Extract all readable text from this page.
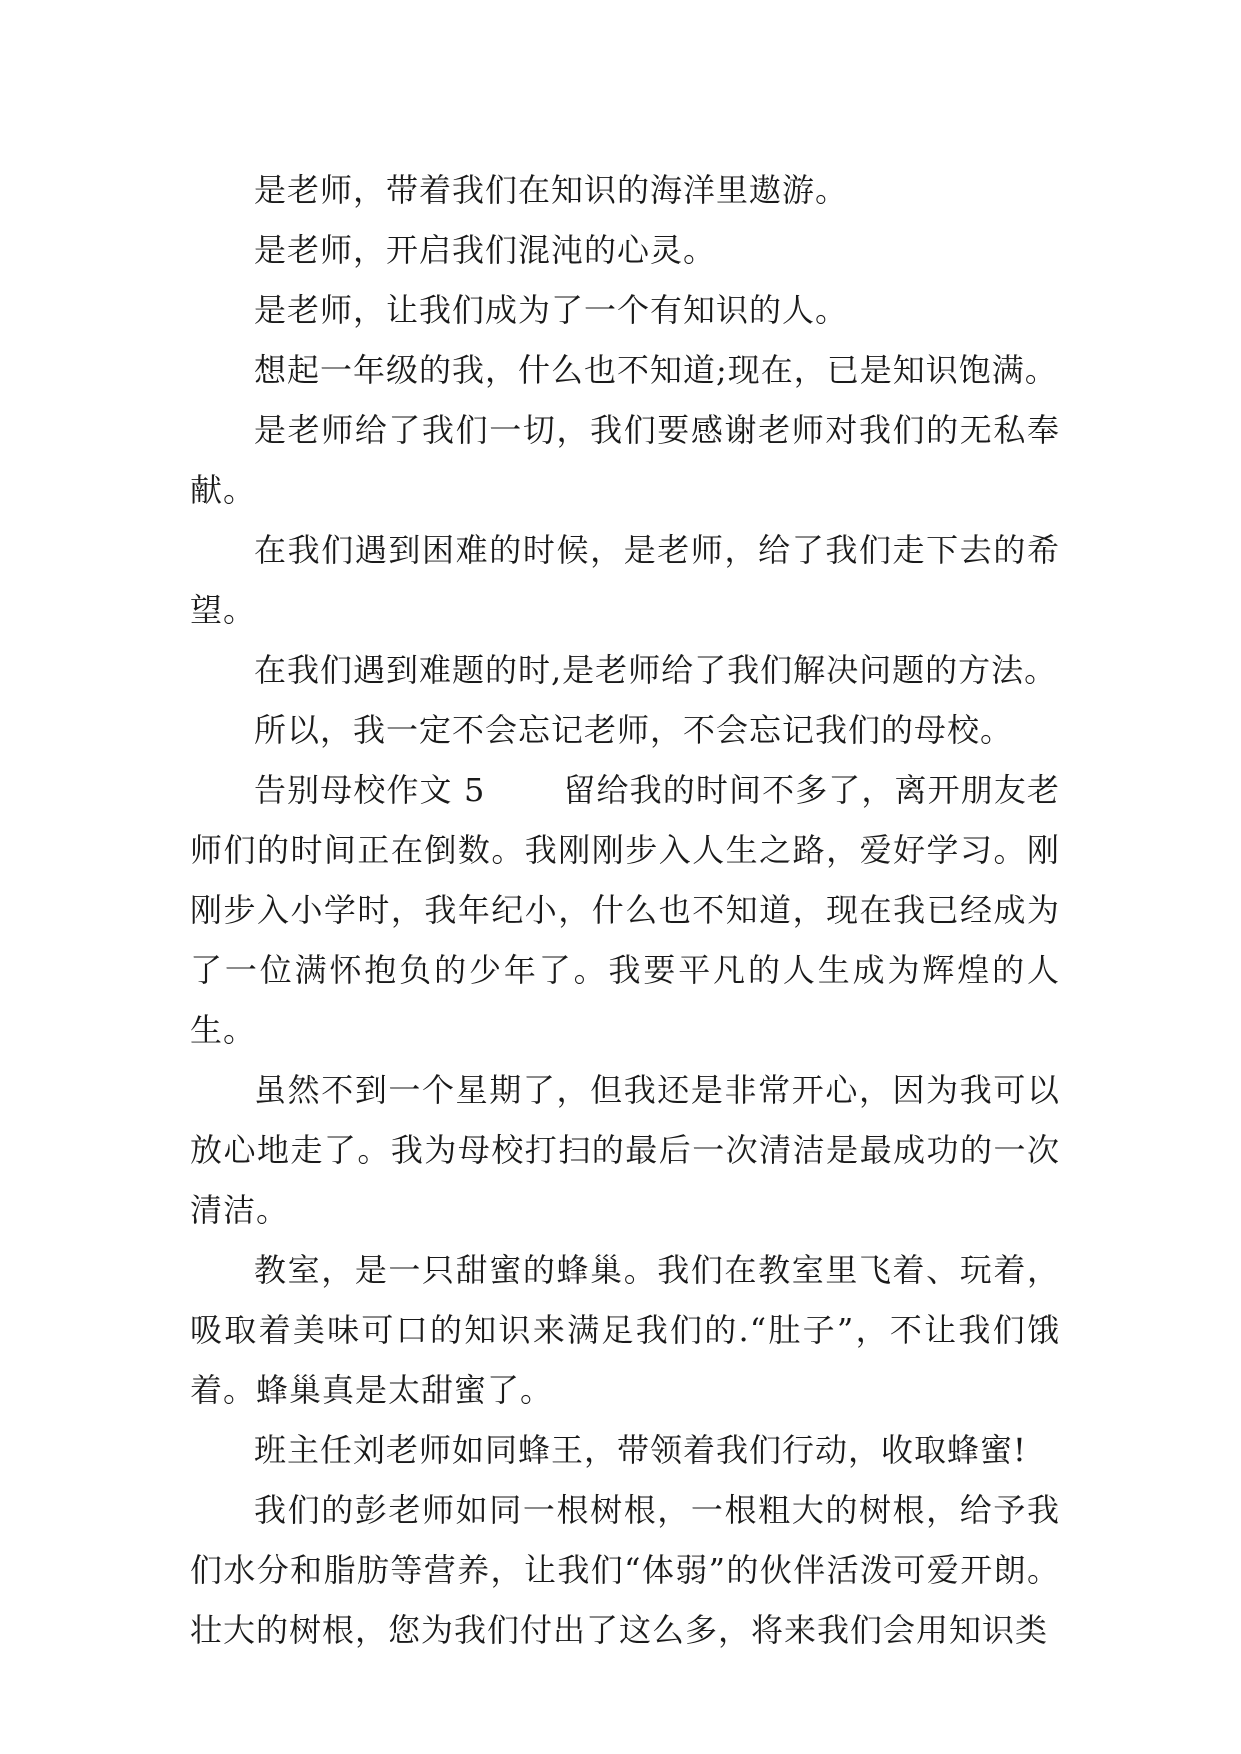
是老师，带着我们在知识的海洋里遨游。

是老师，开启我们混沌的心灵。

是老师，让我们成为了一个有知识的人。

想起一年级的我，什么也不知道;现在，已是知识饱满。

是老师给了我们一切，我们要感谢老师对我们的无私奉献。

在我们遇到困难的时候，是老师，给了我们走下去的希望。

在我们遇到难题的时,是老师给了我们解决问题的方法。

所以，我一定不会忘记老师，不会忘记我们的母校。

告别母校作文 5 留给我的时间不多了，离开朋友老师们的时间正在倒数。我刚刚步入人生之路，爱好学习。刚刚步入小学时，我年纪小，什么也不知道，现在我已经成为了一位满怀抱负的少年了。我要平凡的人生成为辉煌的人生。

虽然不到一个星期了，但我还是非常开心，因为我可以放心地走了。我为母校打扫的最后一次清洁是最成功的一次清洁。

教室，是一只甜蜜的蜂巢。我们在教室里飞着、玩着，吸取着美味可口的知识来满足我们的.“肚子”，不让我们饿着。蜂巢真是太甜蜜了。

班主任刘老师如同蜂王，带领着我们行动，收取蜂蜜!

我们的彭老师如同一根树根，一根粗大的树根，给予我们水分和脂肪等营养，让我们“体弱”的伙伴活泼可爱开朗。壮大的树根，您为我们付出了这么多，将来我们会用知识类
